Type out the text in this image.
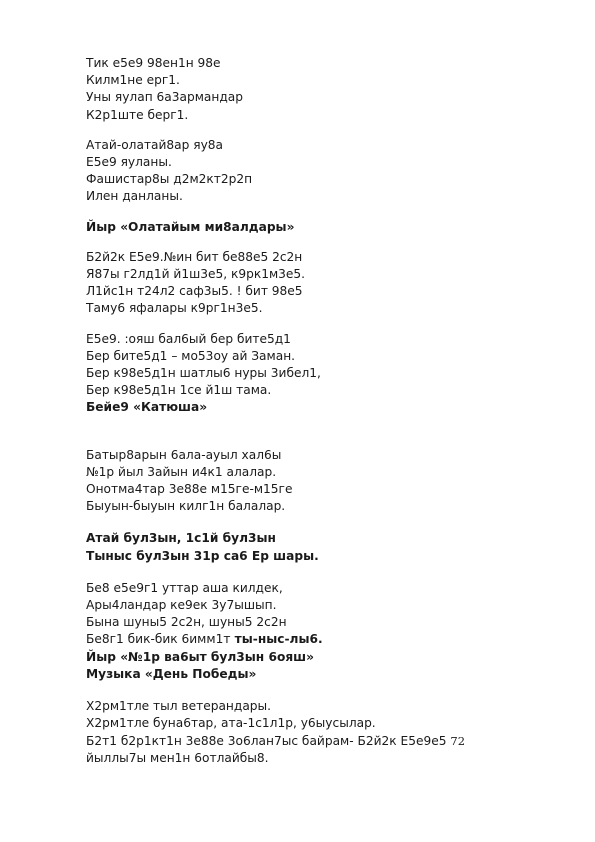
Тик е5е9 98ен1н 98е
Килм1не ерг1.
Уны яулап 6а3армандар
К2р1ште берг1.
Атай-олатай8ар яу8а
Е5е9 яуланы.
Фашистар8ы д2м2кт2р2п
Илен данланы.
Йыр «Олатайым ми8алдары»
Б2й2к Е5е9.№ин бит бе88е5 2с2н
Я87ы г2лд1й й1ш3е5, к9рк1м3е5.
Л1йс1н т24л2 сaф3ы5. ! бит 98е5
Таму6 яфалары к9рг1н3е5.
Е5е9. :ояш бал6ый бер бите5д1
Бер бите5д1 – мо53оу ай Заман.
Бер к98е5д1н шатлы6 нуры 3ибел1,
Бер к98е5д1н 1се й1ш тама.
Бейе9 «Катюша»
Батыр8арын 6ала-ауыл хал6ы
№1р йыл 3айын и4к1 алалар.
Онотма4тар 3е88е м15ге-м15ге
Быуын-быуын килг1н балалар.
Атай бул3ын, 1с1й бул3ын
Тыныс бул3ын 31р са6 Ер шары.
Бе8 е5е9г1 уттар аша килдек,
Ары4ландар ке9ек 3у7ышып.
Бына шуны5 2с2н, шуны5 2с2н
Бе8г1 бик-бик 6имм1т ты-ныс-лы6.
Йыр «№1р ва6ыт бул3ын 6ояш»
Музыка «День Победы»
Х2рм1тле тыл ветерандары.
Х2рм1тле буна6тар, ата-1с1л1р, у6ыусылар.
Б2т1 б2р1кт1н 3е88е 3о6лан7ыс байрам- Б2й2к Е5е9е5 72
йыллы7ы мен1н 6отлайбы8.
